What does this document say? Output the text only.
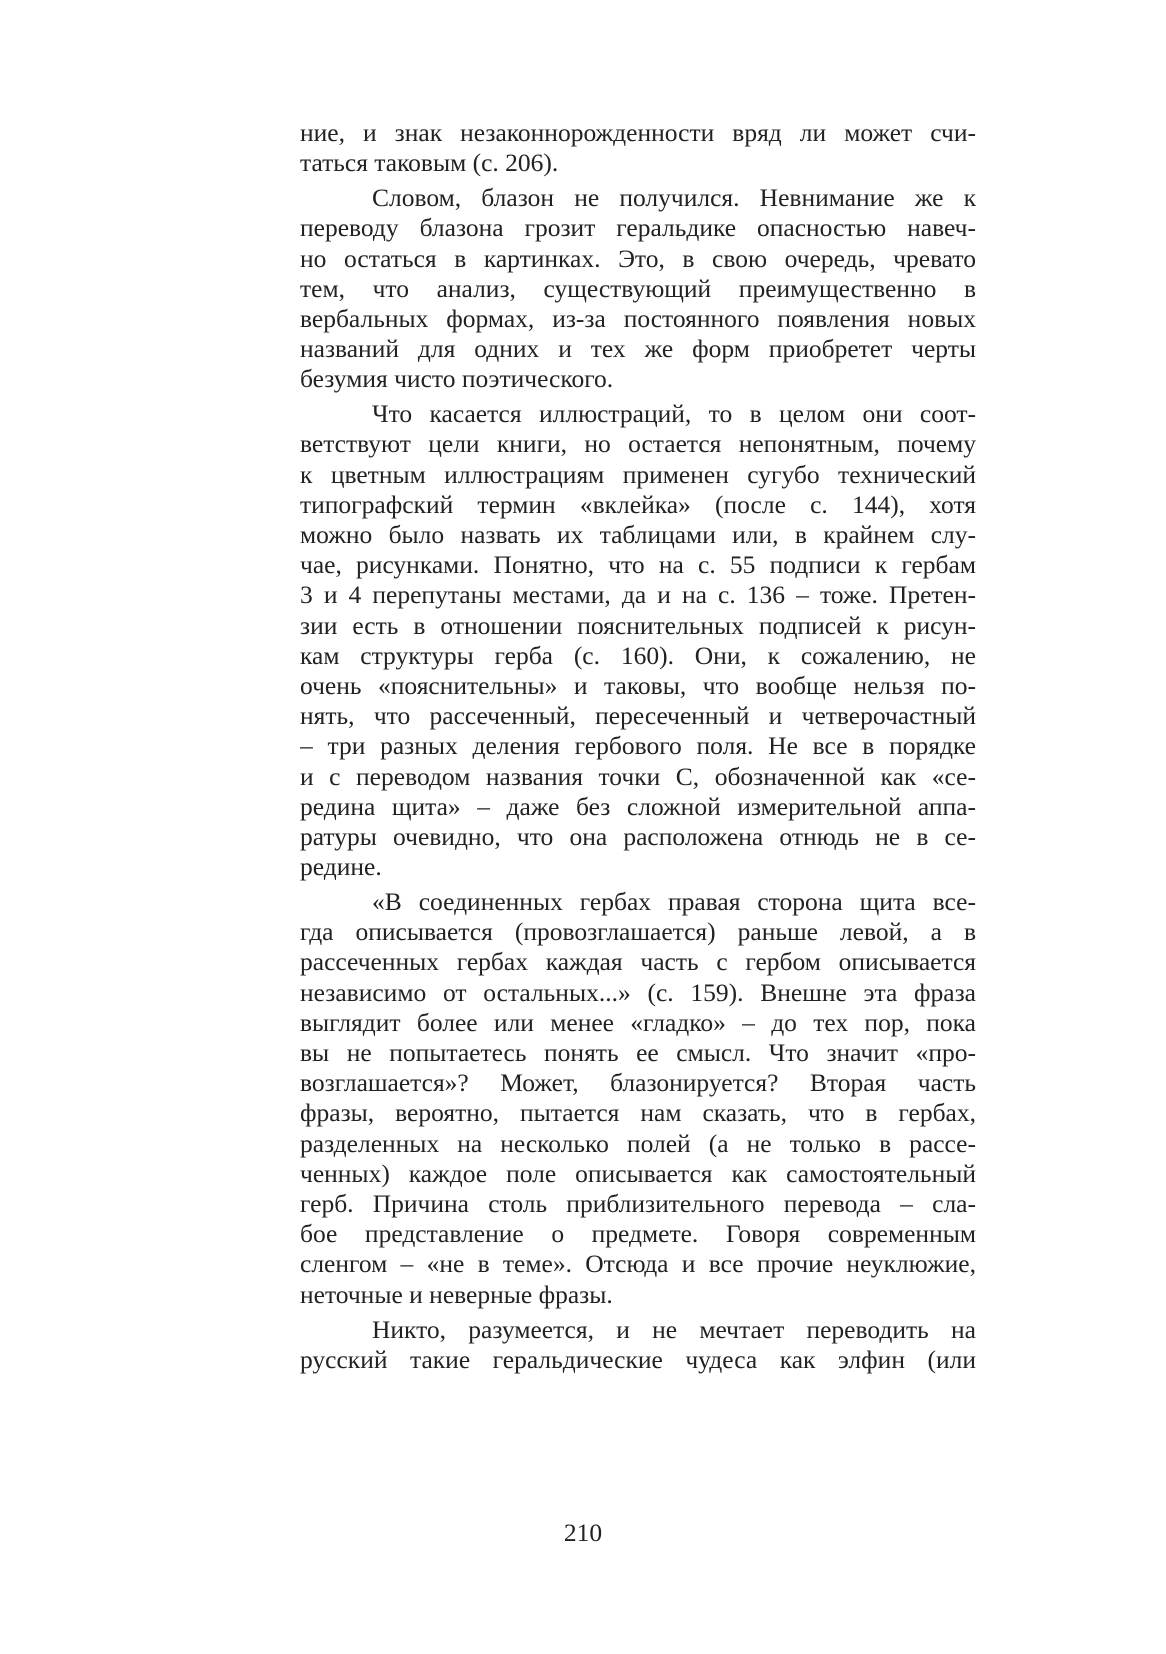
ние, и знак незаконнорожденности вряд ли может счи-
таться таковым (с. 206).
Словом, блазон не получился. Невнимание же к
переводу блазона грозит геральдике опасностью навеч-
но остаться в картинках. Это, в свою очередь, чревато
тем, что анализ, существующий преимущественно в
вербальных формах, из-за постоянного появления новых
названий для одних и тех же форм приобретет черты
безумия чисто поэтического.
Что касается иллюстраций, то в целом они соот-
ветствуют цели книги, но остается непонятным, почему
к цветным иллюстрациям применен сугубо технический
типографский термин «вклейка» (после с. 144), хотя
можно было назвать их таблицами или, в крайнем слу-
чае, рисунками. Понятно, что на с. 55 подписи к гербам
3 и 4 перепутаны местами, да и на с. 136 – тоже. Претен-
зии есть в отношении пояснительных подписей к рисун-
кам структуры герба (с. 160). Они, к сожалению, не
очень «пояснительны» и таковы, что вообще нельзя по-
нять, что рассеченный, пересеченный и четверочастный
– три разных деления гербового поля. Не все в порядке
и с переводом названия точки С, обозначенной как «се-
редина щита» – даже без сложной измерительной аппа-
ратуры очевидно, что она расположена отнюдь не в се-
редине.
«В соединенных гербах правая сторона щита все-
гда описывается (провозглашается) раньше левой, а в
рассеченных гербах каждая часть с гербом описывается
независимо от остальных...» (с. 159). Внешне эта фраза
выглядит более или менее «гладко» – до тех пор, пока
вы не попытаетесь понять ее смысл. Что значит «про-
возглашается»? Может, блазонируется? Вторая часть
фразы, вероятно, пытается нам сказать, что в гербах,
разделенных на несколько полей (а не только в рассе-
ченных) каждое поле описывается как самостоятельный
герб. Причина столь приблизительного перевода – сла-
бое представление о предмете. Говоря современным
сленгом – «не в теме». Отсюда и все прочие неуклюжие,
неточные и неверные фразы.
Никто, разумеется, и не мечтает переводить на
русский такие геральдические чудеса как элфин (или
210
